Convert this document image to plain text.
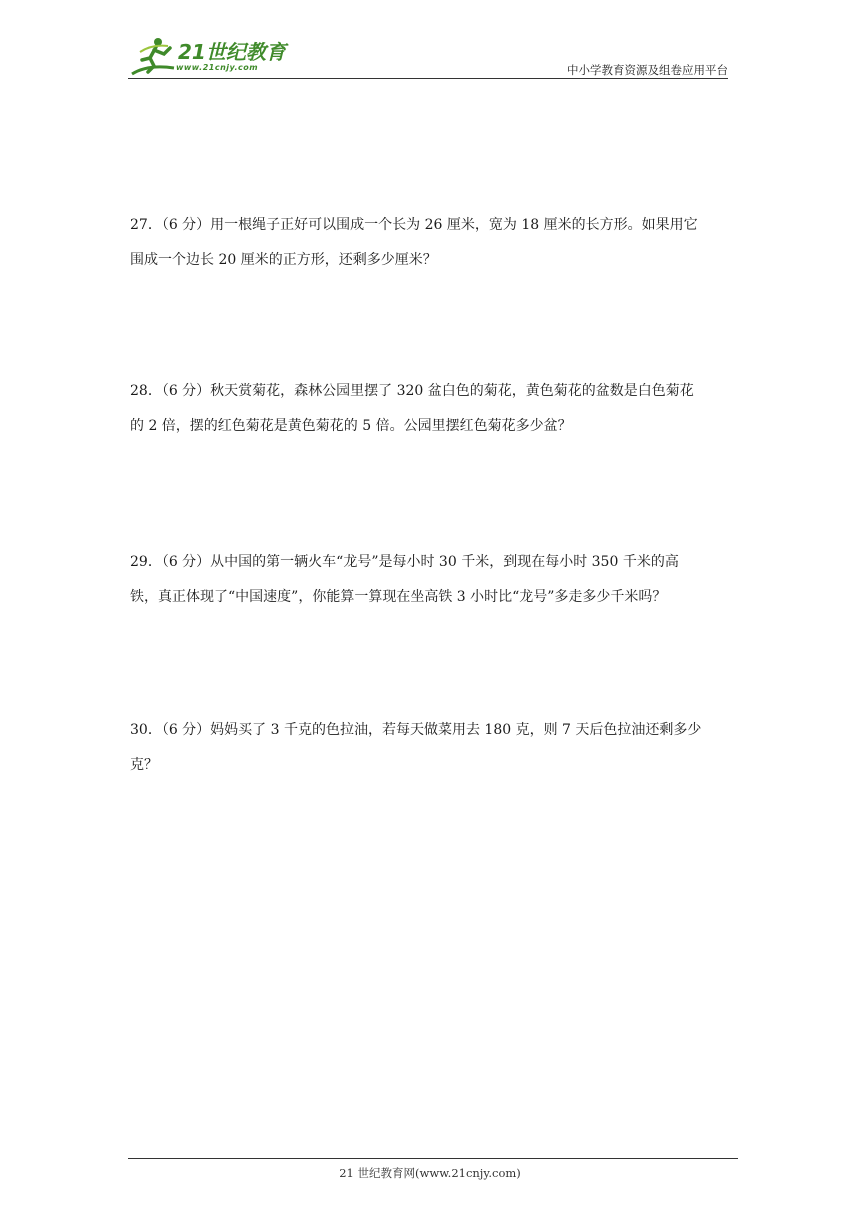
21世纪教育
www.21cnjy.com	中小学教育资源及组卷应用平台
27．（6 分）用一根绳子正好可以围成一个长为 26 厘米，宽为 18 厘米的长方形。如果用它
围成一个边长 20 厘米的正方形，还剩多少厘米？
28．（6 分）秋天赏菊花，森林公园里摆了 320 盆白色的菊花，黄色菊花的盆数是白色菊花
的 2 倍，摆的红色菊花是黄色菊花的 5 倍。公园里摆红色菊花多少盆？
29．（6 分）从中国的第一辆火车“龙号”是每小时 30 千米，到现在每小时 350 千米的高
铁，真正体现了“中国速度”，你能算一算现在坐高铁 3 小时比“龙号”多走多少千米吗？
30．（6 分）妈妈买了 3 千克的色拉油，若每天做菜用去 180 克，则 7 天后色拉油还剩多少
克？
21 世纪教育网(www.21cnjy.com)
